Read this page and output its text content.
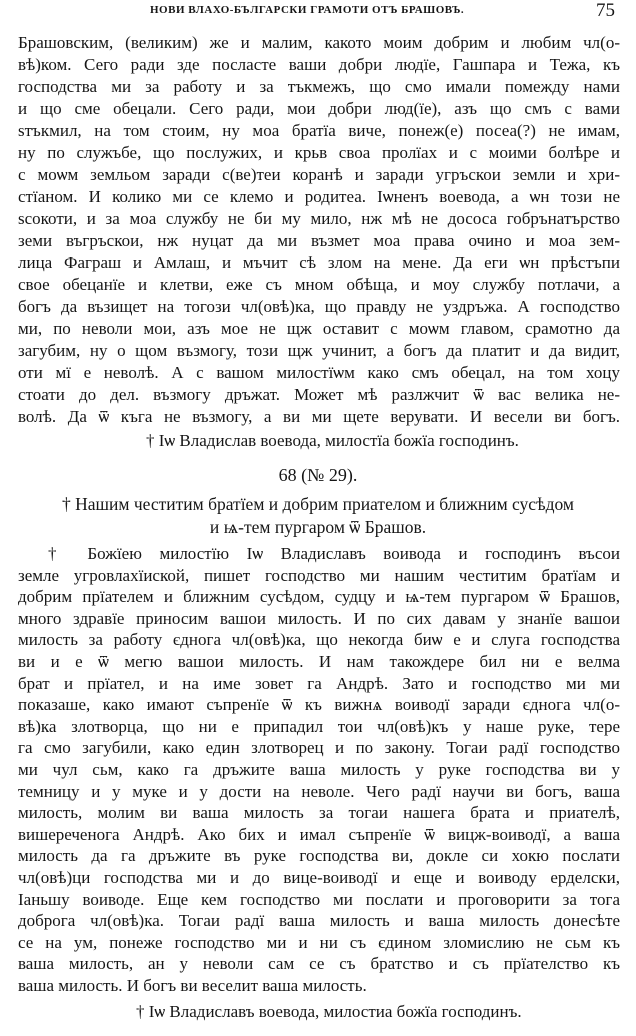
НОВИ ВЛАХО-БЪЛГАРСКИ ГРАМОТИ ОТЪ БРАШОВЪ.	75
Брашовским, (великим) же и малим, какото моим добрим и любим чл(о-
вѣ)ком. Сего ради зде посласте ваши добри людїе, Гашпара и Тежа, къ
господства ми за работу и за тъкмежъ, що смо имали помежду нами
и що сме обецали. Сего ради, мои добри люд(їе), азъ що смъ с вами
ѕтъкмил, на том стоим, ну моа братїа виче, понеж(е) посеа(?) не имам,
ну по служъбе, що послужих, и крьв своа пролїах и с моими болѣре и
с моѡм земльом заради с(ве)теи коранѣ и заради угръскои земли и хри-
стїаном. И колико ми се клемо и родитеа. Іѡненъ воевода, а ѡн този не
ѕсокоти, и за моа службу не би му мило, нж мѣ не дососа гобрънатърство
земи въгръскои, нж нуцат да ми възмет моа права очино и моа зем-
лица Фаграш и Амлаш, и мъчит сѣ злом на мене. Да еги ѡн прѣстъпи
свое обецанїе и клетви, еже съ мном обѣща, и моу службу потлачи, а
богъ да възищет на тогози чл(овѣ)ка, що правду не уздръжа. А господство
ми, по неволи мои, азъ мое не щж оставит с моѡм главом, срамотно да
загубим, ну о щом възмогу, този щж учинит, а богъ да платит и да видит,
оти мї е неволѣ. А с вашом милостїѡм како смъ обецал, на том хоцу
стоати до дел. възмогу дръжат. Может мѣ разлжчит ѿ вас велика не-
волѣ. Да ѿ къга не възмогу, а ви ми щете верувати. И весели ви богъ.
† Іѡ Владислав воевода, милостїа божїа господинъ.
68 (№ 29).
† Нашим честитим братїем и добрим приателом и ближним сусѣдом
и ѩ-тем пургаром ѿ Брашов.
† Божїею милостїю Іѡ Владиславъ воивода и господинъ въсои
земле угровлахїиской, пишет господство ми нашим честитим братїам и
добрим прїателем и ближним сусѣдом, судцу и ѩ-тем пургаром ѿ Брашов,
много здравїе приносим вашои милость. И по сих давам у знанїе вашои
милость за работу єднога чл(овѣ)ка, що некогда биѡ е и слуга господства
ви и е ѿ мегю вашои милость. И нам такождере бил ни е велма
брат и прїател, и на име зовет га Андрѣ. Зато и господство ми ми
показаше, како имают съпренїе ѿ къ вижнѧ воиводї заради єднога чл(о-
вѣ)ка злотворца, що ни е припадил тои чл(овѣ)къ у наше руке, тере
га смо загубили, како един злотворец и по закону. Тогаи радї господство
ми чул сьм, како га дръжите ваша милость у руке господства ви у
темницу и у муке и у дости на неволе. Чего радї научи ви богъ, ваша
милость, молим ви ваша милость за тогаи нашега брата и приателѣ,
вишереченога Андрѣ. Ако бих и имал съпренїе ѿ вицж-воиводї, а ваша
милость да га дръжите въ руке господства ви, докле си хокю послати
чл(овѣ)ци господства ми и до вице-воиводї и еще и воиводу ерделски,
Іаньшу воиводе. Еще кем господство ми послати и проговорити за тога
доброга чл(овѣ)ка. Тогаи радї ваша милость и ваша милость донесѣте
се на ум, понеже господство ми и ни съ єдином зломислию не сьм къ
ваша милость, ан у неволи сам се съ братство и съ прїателство къ
ваша милость. И богъ ви веселит ваша милость.
† Іѡ Владиславъ воевода, милостиа божїа господинъ.
